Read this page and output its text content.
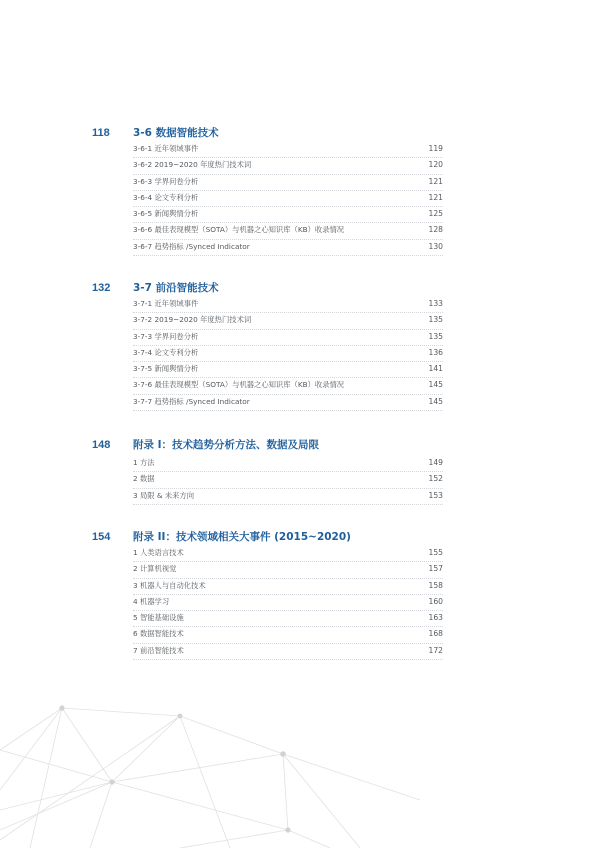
118 3-6 数据智能技术
3-6-1 近年领域事件	119
3-6-2 2019~2020 年度热门技术词	120
3-6-3 学界问卷分析	121
3-6-4 论文专利分析	121
3-6-5 新闻舆情分析	125
3-6-6 最佳表现模型（SOTA）与机器之心知识库（KB）收录情况	128
3-6-7 趋势指标 /Synced Indicator	130
132 3-7 前沿智能技术
3-7-1 近年领域事件	133
3-7-2 2019~2020 年度热门技术词	135
3-7-3 学界问卷分析	135
3-7-4 论文专利分析	136
3-7-5 新闻舆情分析	141
3-7-6 最佳表现模型（SOTA）与机器之心知识库（KB）收录情况	145
3-7-7 趋势指标 /Synced Indicator	145
148 附录 I：技术趋势分析方法、数据及局限
1 方法	149
2 数据	152
3 局限 & 未来方向	153
154 附录 II：技术领域相关大事件 (2015~2020)
1 人类语言技术	155
2 计算机视觉	157
3 机器人与自动化技术	158
4 机器学习	160
5 智能基础设施	163
6 数据智能技术	168
7 前沿智能技术	172
